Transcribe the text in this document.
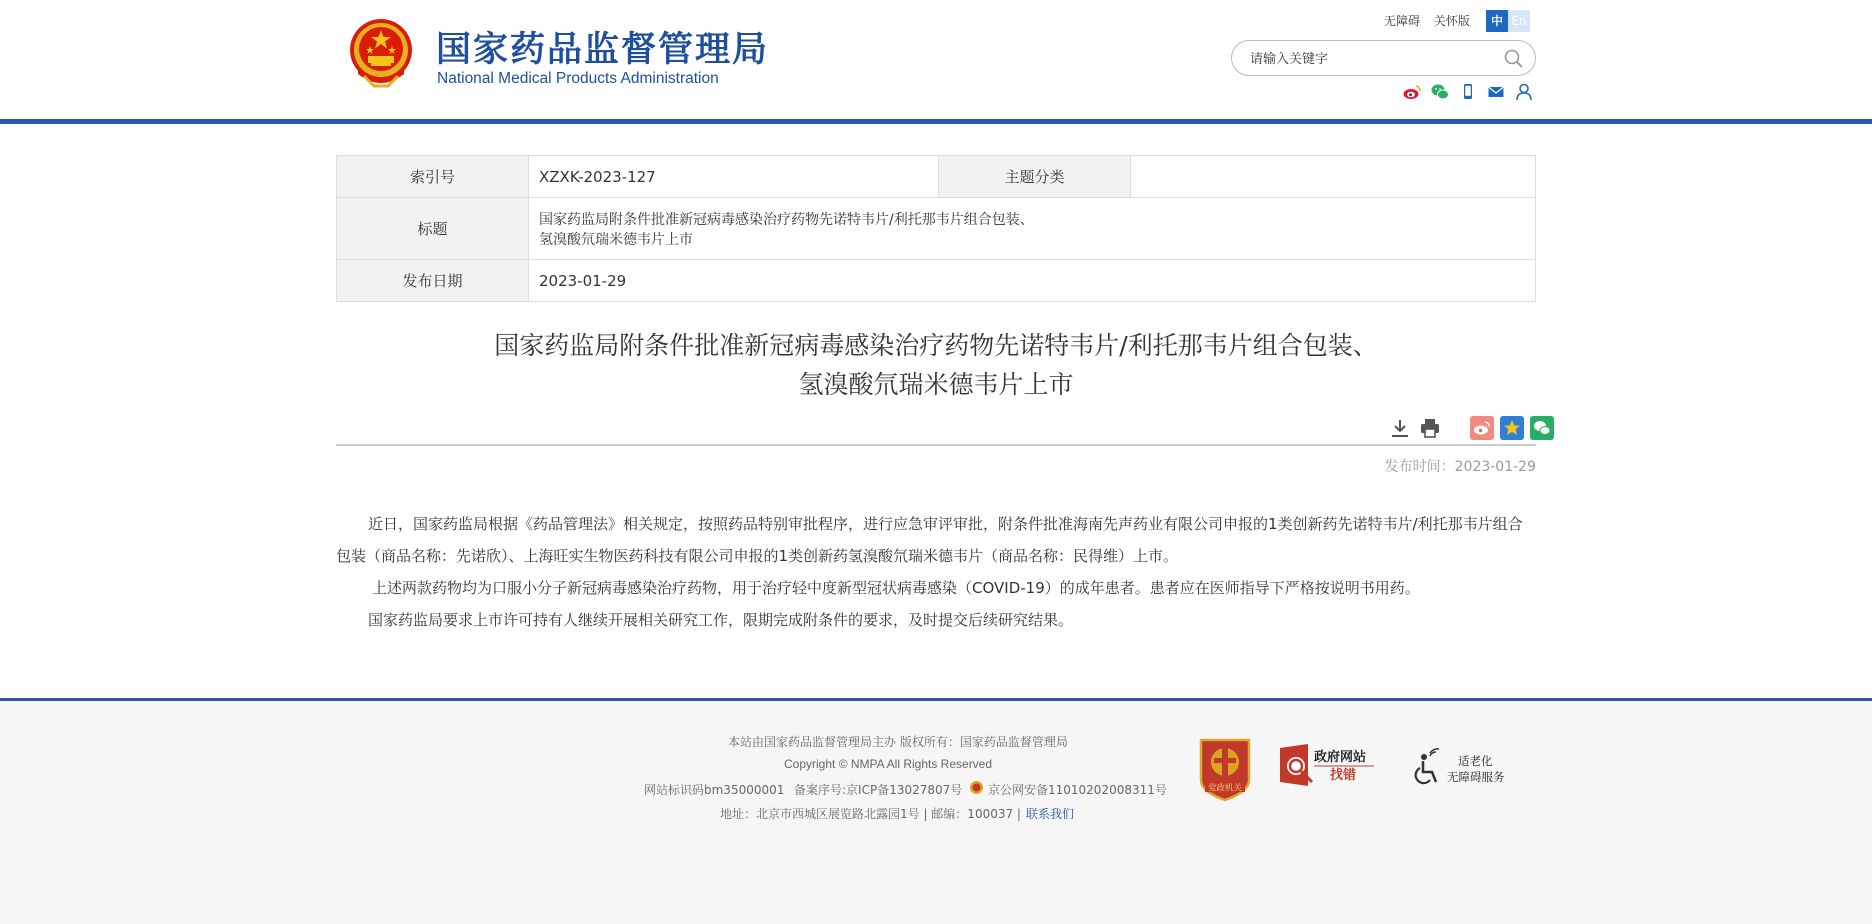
国家药品监督管理局
National Medical Products Administration
无障碍 关怀版	中 En
请输入关键字
索引号	XZXK-2023-127	主题分类	
标题	国家药监局附条件批准新冠病毒感染治疗药物先诺特韦片/利托那韦片组合包装、
氢溴酸氘瑞米德韦片上市		

发布日期	2023-01-29		
国家药监局附条件批准新冠病毒感染治疗药物先诺特韦片/利托那韦片组合包装、
氢溴酸氘瑞米德韦片上市
发布时间：2023-01-29

近日，国家药监局根据《药品管理法》相关规定，按照药品特别审批程序，进行应急审评审批，附条件批准海南先声药业有限公司申报的1类创新药先诺特韦片/利托那韦片组合包装（商品名称：先诺欣）、上海旺实生物医药科技有限公司申报的1类创新药氢溴酸氘瑞米德韦片（商品名称：民得维）上市。

上述两款药物均为口服小分子新冠病毒感染治疗药物，用于治疗轻中度新型冠状病毒感染（COVID-19）的成年患者。患者应在医师指导下严格按说明书用药。

国家药监局要求上市许可持有人继续开展相关研究工作，限期完成附条件的要求，及时提交后续研究结果。

本站由国家药品监督管理局主办 版权所有：国家药品监督管理局
Copyright © NMPA All Rights Reserved
网站标识码bm35000001 备案序号:京ICP备13027807号 京公网安备11010202008311号
地址：北京市西城区展览路北露园1号 | 邮编：100037 | 联系我们
党政机关
政府网站
找错
适老化
无障碍服务
